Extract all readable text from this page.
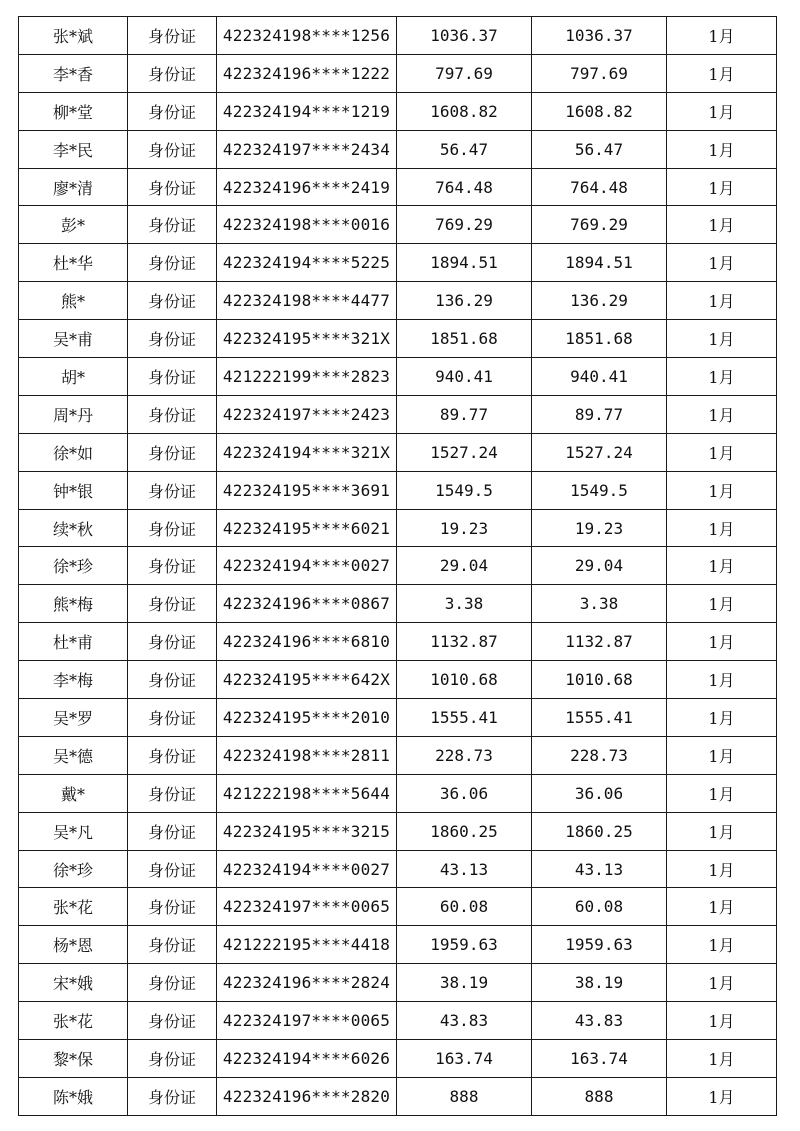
张*斌	身份证	422324198****1256	1036.37	1036.37	1月
李*香	身份证	422324196****1222	797.69	797.69	1月
柳*堂	身份证	422324194****1219	1608.82	1608.82	1月
李*民	身份证	422324197****2434	56.47	56.47	1月
廖*清	身份证	422324196****2419	764.48	764.48	1月
彭*	身份证	422324198****0016	769.29	769.29	1月
杜*华	身份证	422324194****5225	1894.51	1894.51	1月
熊*	身份证	422324198****4477	136.29	136.29	1月
吴*甫	身份证	422324195****321X	1851.68	1851.68	1月
胡*	身份证	421222199****2823	940.41	940.41	1月
周*丹	身份证	422324197****2423	89.77	89.77	1月
徐*如	身份证	422324194****321X	1527.24	1527.24	1月
钟*银	身份证	422324195****3691	1549.5	1549.5	1月
续*秋	身份证	422324195****6021	19.23	19.23	1月
徐*珍	身份证	422324194****0027	29.04	29.04	1月
熊*梅	身份证	422324196****0867	3.38	3.38	1月
杜*甫	身份证	422324196****6810	1132.87	1132.87	1月
李*梅	身份证	422324195****642X	1010.68	1010.68	1月
吴*罗	身份证	422324195****2010	1555.41	1555.41	1月
吴*德	身份证	422324198****2811	228.73	228.73	1月
戴*	身份证	421222198****5644	36.06	36.06	1月
吴*凡	身份证	422324195****3215	1860.25	1860.25	1月
徐*珍	身份证	422324194****0027	43.13	43.13	1月
张*花	身份证	422324197****0065	60.08	60.08	1月
杨*恩	身份证	421222195****4418	1959.63	1959.63	1月
宋*娥	身份证	422324196****2824	38.19	38.19	1月
张*花	身份证	422324197****0065	43.83	43.83	1月
黎*保	身份证	422324194****6026	163.74	163.74	1月
陈*娥	身份证	422324196****2820	888	888	1月
